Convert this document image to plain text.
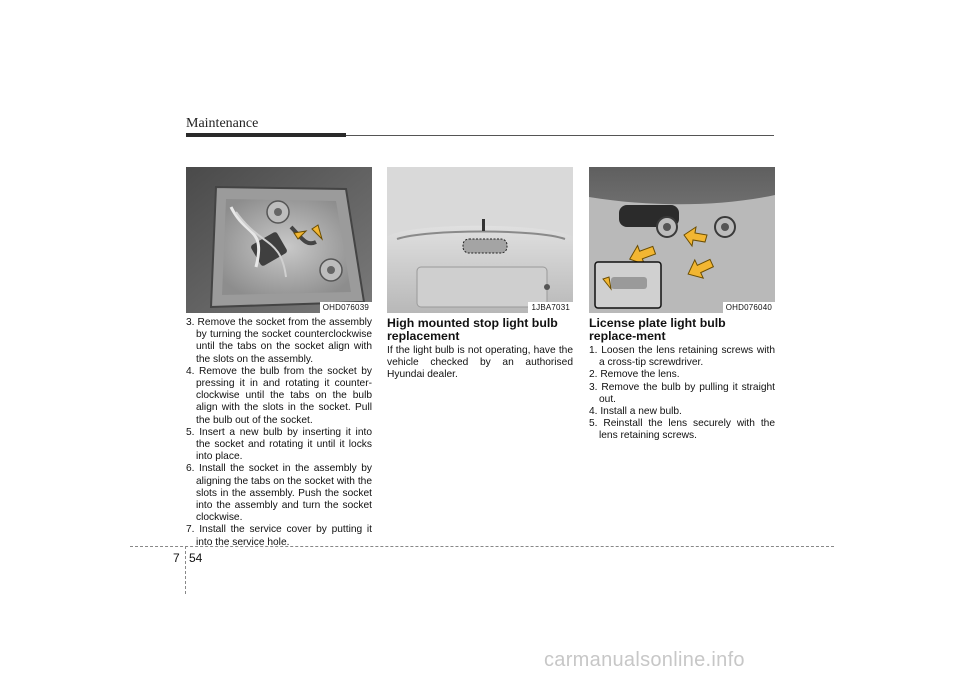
Maintenance
OHD076039	1JBA7031	OHD076040
3. Remove the socket from the assembly by turning the socket counterclockwise until the tabs on the socket align with the slots on the assembly.
4. Remove the bulb from the socket by pressing it in and rotating it counter-clockwise until the tabs on the bulb align with the slots in the socket. Pull the bulb out of the socket.
5. Insert a new bulb by inserting it into the socket and rotating it until it locks into place.
6. Install the socket in the assembly by aligning the tabs on the socket with the slots in the assembly. Push the socket into the assembly and turn the socket clockwise.
7. Install the service cover by putting it into the service hole.
High mounted stop light bulb replacement

If the light bulb is not operating, have the vehicle checked by an authorised Hyundai dealer.

License plate light bulb replace-ment
1. Loosen the lens retaining screws with a cross-tip screwdriver.
2. Remove the lens.
3. Remove the bulb by pulling it straight out.
4. Install a new bulb.
5. Reinstall the lens securely with the lens retaining screws.
7 54
carmanualsonline.info
